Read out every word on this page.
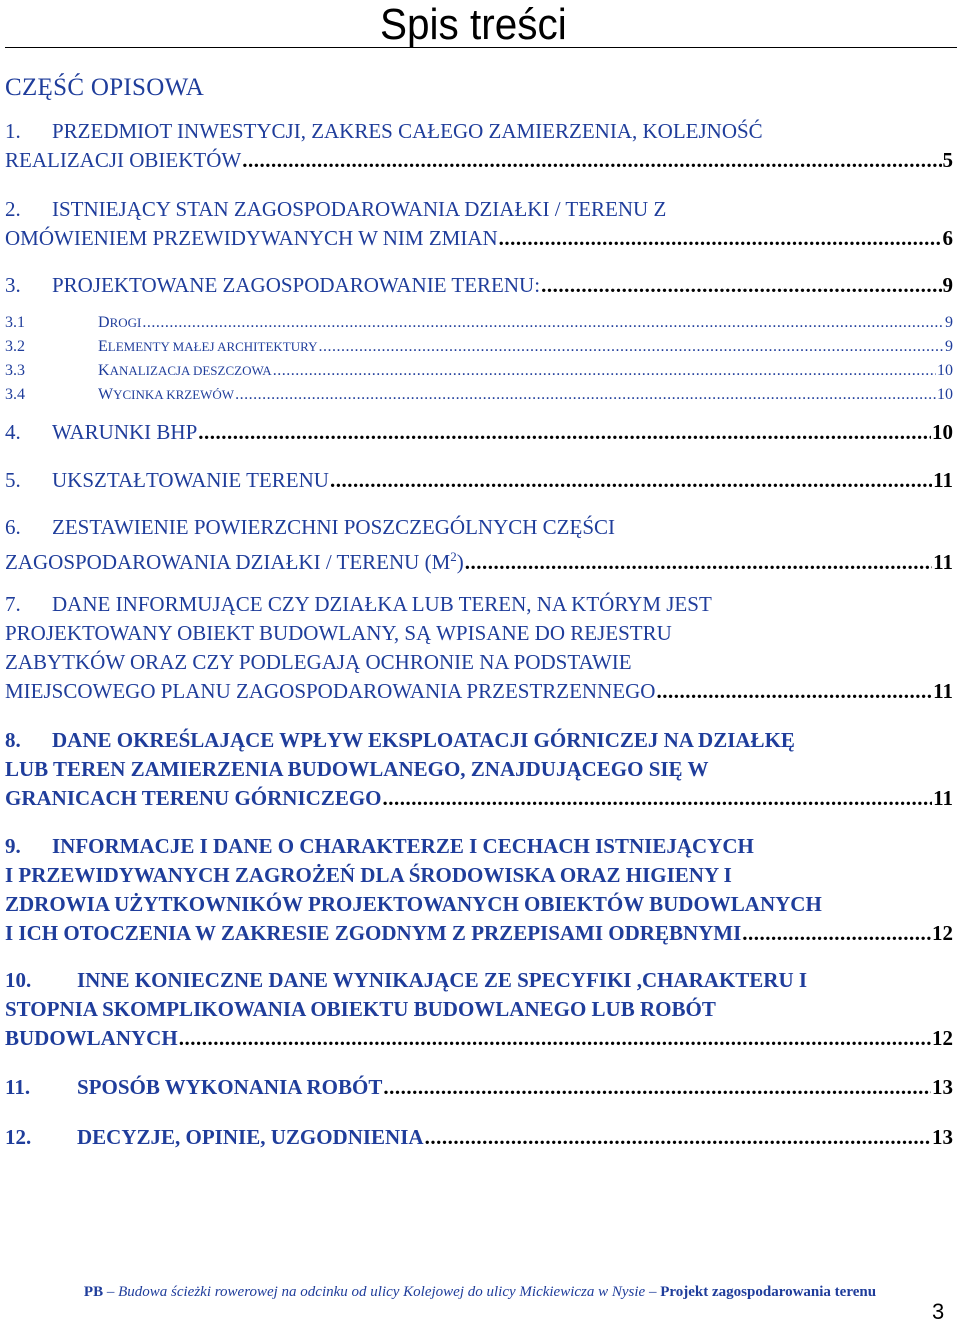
Spis treści
CZĘŚĆ OPISOWA
1. PRZEDMIOT INWESTYCJI, ZAKRES CAŁEGO ZAMIERZENIA, KOLEJNOŚĆ
REALIZACJI OBIEKTÓW .....	5
2. ISTNIEJĄCY STAN ZAGOSPODAROWANIA DZIAŁKI / TERENU Z
OMÓWIENIEM PRZEWIDYWANYCH W NIM ZMIAN .....	6
3. PROJEKTOWANE ZAGOSPODAROWANIE TERENU: .....	9
3.1	DROGI .....	9
3.2	ELEMENTY MAŁEJ ARCHITEKTURY .....	9
3.3	KANALIZACJA DESZCZOWA .....	10
3.4	WYCINKA KRZEWÓW .....	10
4. WARUNKI BHP .....	10
5. UKSZTAŁTOWANIE TERENU .....	11
6. ZESTAWIENIE POWIERZCHNI POSZCZEGÓLNYCH CZĘŚCI
ZAGOSPODAROWANIA DZIAŁKI / TERENU $(M^2)$ .....	11
7. DANE INFORMUJĄCE CZY DZIAŁKA LUB TEREN, NA KTÓRYM JEST
PROJEKTOWANY OBIEKT BUDOWLANY, SĄ WPISANE DO REJESTRU
ZABYTKÓW ORAZ CZY PODLEGAJĄ OCHRONIE NA PODSTAWIE
MIEJSCOWEGO PLANU ZAGOSPODAROWANIA PRZESTRZENNEGO .....	11
8. DANE OKREŚLAJĄCE WPŁYW EKSPLOATACJI GÓRNICZEJ NA DZIAŁKĘ
LUB TEREN ZAMIERZENIA BUDOWLANEGO, ZNAJDUJĄCEGO SIĘ W
GRANICACH TERENU GÓRNICZEGO .....	11
9. INFORMACJE I DANE O CHARAKTERZE I CECHACH ISTNIEJĄCYCH
I PRZEWIDYWANYCH ZAGROŻEŃ DLA ŚRODOWISKA ORAZ HIGIENY I
ZDROWIA UŻYTKOWNIKÓW PROJEKTOWANYCH OBIEKTÓW BUDOWLANYCH
I ICH OTOCZENIA W ZAKRESIE ZGODNYM Z PRZEPISAMI ODRĘBNYMI .....	12
10. INNE KONIECZNE DANE WYNIKAJĄCE ZE SPECYFIKI ,CHARAKTERU I
STOPNIA SKOMPLIKOWANIA OBIEKTU BUDOWLANEGO LUB ROBÓT
BUDOWLANYCH .....	12
11. SPOSÓB WYKONANIA ROBÓT .....	13
12. DECYZJE, OPINIE, UZGODNIENIA .....	13
PB – Budowa ścieżki rowerowej na odcinku od ulicy Kolejowej do ulicy Mickiewicza w Nysie – Projekt zagospodarowania terenu
3
